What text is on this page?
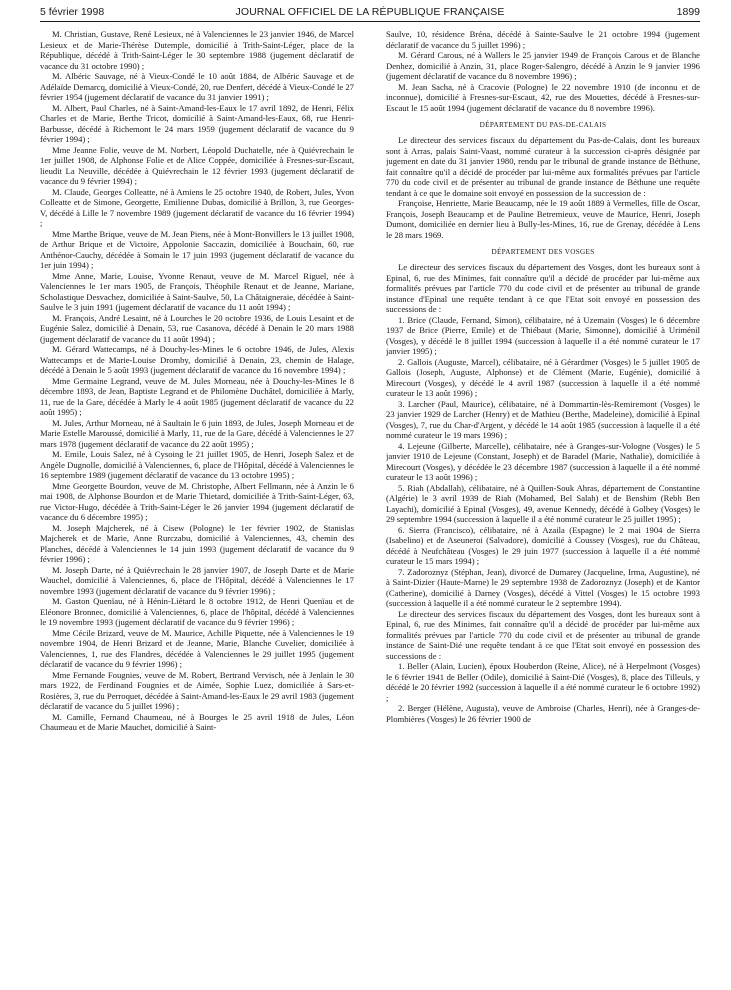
5 février 1998	JOURNAL OFFICIEL DE LA RÉPUBLIQUE FRANÇAISE	1899

M. Christian, Gustave, René Lesieux, né à Valenciennes le 23 janvier 1946, de Marcel Lesieux et de Marie-Thérèse Dutemple, domicilié à Trith-Saint-Léger, place de la République, décédé à Trith-Saint-Léger le 30 septembre 1988 (jugement déclaratif de vacance du 31 octobre 1990) ;

M. Albéric Sauvage, né à Vieux-Condé le 10 août 1884, de Albéric Sauvage et de Adélaïde Demarcq, domicilié à Vieux-Condé, 20, rue Denfert, décédé à Vieux-Condé le 27 février 1954 (jugement déclaratif de vacance du 31 janvier 1991) ;

M. Albert, Paul Charles, né à Saint-Amand-les-Eaux le 17 avril 1892, de Henri, Félix Charles et de Marie, Berthe Tricot, domicilié à Saint-Amand-les-Eaux, 68, rue Henri-Barbusse, décédé à Richemont le 24 mars 1959 (jugement déclaratif de vacance du 9 février 1994) ;

Mme Jeanne Folie, veuve de M. Norbert, Léopold Duchatelle, née à Quiévrechain le 1er juillet 1908, de Alphonse Folie et de Alice Coppée, domiciliée à Fresnes-sur-Escaut, lieudit La Neuville, décédée à Quiévrechain le 12 février 1993 (jugement déclaratif de vacance du 9 février 1994) ;

M. Claude, Georges Colleatte, né à Amiens le 25 octobre 1940, de Robert, Jules, Yvon Colleatte et de Simone, Georgette, Emilienne Dubas, domicilié à Brillon, 3, rue Georges-V, décédé à Lille le 7 novembre 1989 (jugement déclaratif de vacance du 16 février 1994) ;

Mme Marthe Brique, veuve de M. Jean Piens, née à Mont-Bonvillers le 13 juillet 1908, de Arthur Brique et de Victoire, Appolonie Saccazin, domiciliée à Bouchain, 60, rue Anthénor-Cauchy, décédée à Somain le 17 juin 1993 (jugement déclaratif de vacance du 1er juin 1994) ;

Mme Anne, Marie, Louise, Yvonne Renaut, veuve de M. Marcel Riguel, née à Valenciennes le 1er mars 1905, de François, Théophile Renaut et de Jeanne, Mariane, Scholastique Desvachez, domiciliée à Saint-Saulve, 50, La Châtaigneraie, décédée à Saint-Saulve le 3 juin 1991 (jugement déclaratif de vacance du 11 août 1994) ;

M. François, André Lesaint, né à Lourches le 20 octobre 1936, de Louis Lesaint et de Eugénie Salez, domicilié à Denain, 53, rue Casanova, décédé à Denain le 20 mars 1988 (jugement déclaratif de vacance du 11 août 1994) ;

M. Gérard Wattecamps, né à Douchy-les-Mines le 6 octobre 1946, de Jules, Alexis Wattecamps et de Marie-Louise Dromby, domicilié à Denain, 23, chemin de Halage, décédé à Denain le 5 août 1993 (jugement déclaratif de vacance du 16 novembre 1994) ;

Mme Germaine Legrand, veuve de M. Jules Morneau, née à Douchy-les-Mines le 8 décembre 1893, de Jean, Baptiste Legrand et de Philomène Duchâtel, domiciliée à Marly, 11, rue de la Gare, décédée à Marly le 4 août 1985 (jugement déclaratif de vacance du 22 août 1995) ;

M. Jules, Arthur Morneau, né à Saultain le 6 juin 1893, de Jules, Joseph Morneau et de Marie Estelle Maroussé, domicilié à Marly, 11, rue de la Gare, décédé à Valenciennes le 27 mars 1978 (jugement déclaratif de vacance du 22 août 1995) ;

M. Emile, Louis Salez, né à Cysoing le 21 juillet 1905, de Henri, Joseph Salez et de Angèle Dugnolle, domicilié à Valenciennes, 6, place de l'Hôpital, décédé à Valenciennes le 16 septembre 1989 (jugement déclaratif de vacance du 13 octobre 1995) ;

Mme Georgette Bourdon, veuve de M. Christophe, Albert Fellmann, née à Anzin le 6 mai 1908, de Alphonse Bourdon et de Marie Thietard, domiciliée à Trith-Saint-Léger, 63, rue Victor-Hugo, décédée à Trith-Saint-Léger le 26 janvier 1994 (jugement déclaratif de vacance du 6 décembre 1995) ;

M. Joseph Majcherek, né à Cisew (Pologne) le 1er février 1902, de Stanislas Majcherek et de Marie, Anne Rurczabu, domicilié à Valenciennes, 43, chemin des Planches, décédé à Valenciennes le 14 juin 1993 (jugement déclaratif de vacance du 9 février 1996) ;

M. Joseph Darte, né à Quiévrechain le 28 janvier 1907, de Joseph Darte et de Marie Wauchel, domicilié à Valenciennes, 6, place de l'Hôpital, décédé à Valenciennes le 17 novembre 1993 (jugement déclaratif de vacance du 9 février 1996) ;

M. Gaston Quenïau, né à Hénin-Liétard le 8 octobre 1912, de Henri Quenïau et de Eléonore Bronnec, domicilié à Valenciennes, 6, place de l'hôpital, décédé à Valenciennes le 19 novembre 1993 (jugement déclaratif de vacance du 9 février 1996) ;

Mme Cécile Brizard, veuve de M. Maurice, Achille Piquette, née à Valenciennes le 19 novembre 1904, de Henri Brizard et de Jeanne, Marie, Blanche Cuvelier, domiciliée à Valenciennes, 1, rue des Flandres, décédée à Valenciennes le 29 juillet 1995 (jugement déclaratif de vacance du 9 février 1996) ;

Mme Fernande Fougnies, veuve de M. Robert, Bertrand Vervisch, née à Jenlain le 30 mars 1922, de Ferdinand Fougnies et de Aimée, Sophie Luez, domiciliée à Sars-et-Rosières, 3, rue du Perroquet, décédée à Saint-Amand-les-Eaux le 29 avril 1983 (jugement déclaratif de vacance du 5 juillet 1996) ;

M. Camille, Fernand Chaumeau, né à Bourges le 25 avril 1918 de Jules, Léon Chaumeau et de Marie Mauchet, domicilié à Saint-

Saulve, 10, résidence Bréna, décédé à Sainte-Saulve le 21 octobre 1994 (jugement déclaratif de vacance du 5 juillet 1996) ;

M. Gérard Carous, né à Wallers le 25 janvier 1949 de François Carous et de Blanche Denhez, domicilié à Anzin, 31, place Roger-Salengro, décédé à Anzin le 9 janvier 1996 (jugement déclaratif de vacance du 8 novembre 1996) ;

M. Jean Sacha, né à Cracovie (Pologne) le 22 novembre 1910 (de inconnu et de inconnue), domicilié à Fresnes-sur-Escaut, 42, rue des Mouettes, décédé à Fresnes-sur-Escaut le 15 août 1994 (jugement déclaratif de vacance du 8 novembre 1996).

DÉPARTEMENT DU PAS-DE-CALAIS

Le directeur des services fiscaux du département du Pas-de-Calais, dont les bureaux sont à Arras, palais Saint-Vaast, nommé curateur à la succession ci-après désignée par jugement en date du 31 janvier 1980, rendu par le tribunal de grande instance de Béthune, fait connaître qu'il a décidé de procéder par lui-même aux formalités prévues par l'article 770 du code civil et de présenter au tribunal de grande instance de Béthune une requête tendant à ce que le domaine soit envoyé en possession de la succession de :

Françoise, Henriette, Marie Beaucamp, née le 19 août 1889 à Vermelles, fille de Oscar, François, Joseph Beaucamp et de Pauline Betremieux, veuve de Maurice, Henri, Joseph Dumont, domiciliée en dernier lieu à Bully-les-Mines, 16, rue de Grenay, décédée à Lens le 28 mars 1969.

DÉPARTEMENT DES VOSGES

Le directeur des services fiscaux du département des Vosges, dont les bureaux sont à Epinal, 6, rue des Minimes, fait connaître qu'il a décidé de procéder par lui-même aux formalités prévues par l'article 770 du code civil et de présenter au tribunal de grande instance d'Epinal une requête tendant à ce que l'Etat soit envoyé en possession des successions de :

1. Brice (Claude, Fernand, Simon), célibataire, né à Uzemain (Vosges) le 6 décembre 1937 de Brice (Pierre, Emile) et de Thiébaut (Marie, Simonne), domicilié à Uriménil (Vosges), y décédé le 8 juillet 1994 (succession à laquelle il a été nommé curateur le 17 janvier 1995) ;

2. Gallois (Auguste, Marcel), célibataire, né à Gérardmer (Vosges) le 5 juillet 1905 de Gallois (Joseph, Auguste, Alphonse) et de Clément (Marie, Eugénie), domicilié à Mirecourt (Vosges), y décédé le 4 avril 1987 (succession à laquelle il a été nommé curateur le 13 août 1996) ;

3. Larcher (Paul, Maurice), célibataire, né à Dommartin-lès-Remiremont (Vosges) le 23 janvier 1929 de Larcher (Henry) et de Mathieu (Berthe, Madeleine), domicilié à Epinal (Vosges), 7, rue du Char-d'Argent, y décédé le 14 août 1985 (succession à laquelle il a été nommé curateur le 19 mars 1996) ;

4. Lejeune (Gilberte, Marcelle), célibataire, née à Granges-sur-Vologne (Vosges) le 5 janvier 1910 de Lejeune (Constant, Joseph) et de Baradel (Marie, Nathalie), domiciliée à Mirecourt (Vosges), y décédée le 23 décembre 1987 (succession à laquelle il a été nommé curateur le 13 août 1996) ;

5. Riah (Abdallah), célibataire, né à Quillen-Souk Ahras, département de Constantine (Algérie) le 3 avril 1939 de Riah (Mohamed, Bel Salah) et de Benshim (Rebh Ben Layachi), domicilié à Epinal (Vosges), 49, avenue Kennedy, décédé à Golbey (Vosges) le 29 septembre 1994 (succession à laquelle il a été nommé curateur le 25 juillet 1995) ;

6. Sierra (Francisco), célibataire, né à Azaila (Espagne) le 2 mai 1904 de Sierra (Isabelino) et de Aseuneroi (Salvadore), domicilié à Coussey (Vosges), rue du Château, décédé à Neufchâteau (Vosges) le 29 juin 1977 (succession à laquelle il a été nommé curateur le 15 mars 1994) ;

7. Zadoroznyz (Stéphan, Jean), divorcé de Dumarey (Jacqueline, Irma, Augustine), né à Saint-Dizier (Haute-Marne) le 29 septembre 1938 de Zadoroznyz (Joseph) et de Kantor (Catherine), domicilié à Darney (Vosges), décédé à Vittel (Vosges) le 15 octobre 1993 (succession à laquelle il a été nommé curateur le 2 septembre 1994).

Le directeur des services fiscaux du département des Vosges, dont les bureaux sont à Epinal, 6, rue des Minimes, fait connaître qu'il a décidé de procéder par lui-même aux formalités prévues par l'article 770 du code civil et de présenter au tribunal de grande instance de Saint-Dié une requête tendant à ce que l'Etat soit envoyé en possession des successions de :

1. Beller (Alain, Lucien), époux Houberdon (Reine, Alice), né à Herpelmont (Vosges) le 6 février 1941 de Beller (Odile), domicilié à Saint-Dié (Vosges), 8, place des Tilleuls, y décédé le 20 février 1992 (succession à laquelle il a été nommé curateur le 6 octobre 1992) ;

2. Berger (Hélène, Augusta), veuve de Ambroise (Charles, Henri), née à Granges-de-Plombières (Vosges) le 26 février 1900 de
